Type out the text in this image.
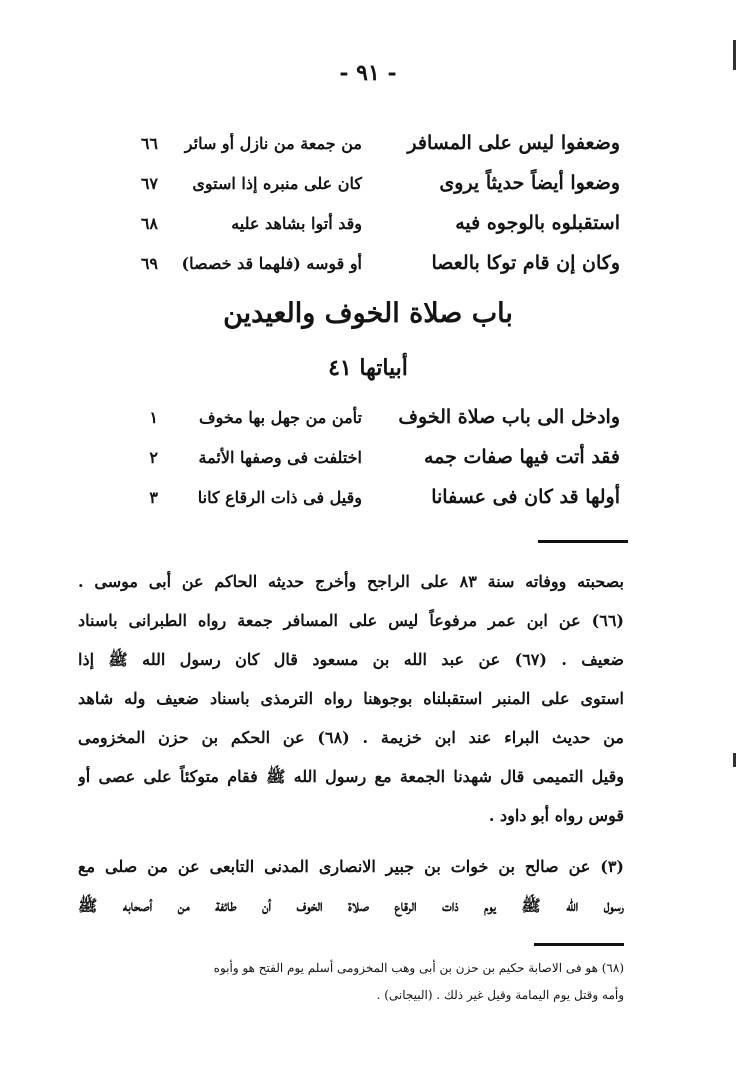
- ٩١ -
وضعفوا ليس على المسافر
من جمعة من نازل أو سائر
٦٦
وضعوا أيضاً حديثاً يروى
كان على منبره إذا استوى
٦٧
استقبلوه بالوجوه فيه
وقد أتوا بشاهد عليه
٦٨
وكان إن قام توكا بالعصا
أو قوسه (فلهما قد خصصا)
٦٩
باب صلاة الخوف والعيدين
أبياتها ٤١
وادخل الى باب صلاة الخوف
تأمن من جهل بها مخوف
١
فقد أتت فيها صفات جمه
اختلفت فى وصفها الأئمة
٢
أولها قد كان فى عسفانا
وقيل فى ذات الرقاع كانا
٣
بصحبته ووفاته سنة ٨٣ على الراجح وأخرج حديثه الحاكم عن أبى موسى .
(٦٦) عن ابن عمر مرفوعاً ليس على المسافر جمعة رواه الطبرانى باسناد
ضعيف . (٦٧) عن عبد الله بن مسعود قال كان رسول الله ﷺ إذا
استوى على المنبر استقبلناه بوجوهنا رواه الترمذى باسناد ضعيف وله شاهد
من حديث البراء عند ابن خزيمة . (٦٨) عن الحكم بن حزن المخزومى
وقيل التميمى قال شهدنا الجمعة مع رسول الله ﷺ فقام متوكئاً على عصى أو
قوس رواه أبو داود .
(٣) عن صالح بن خوات بن جبير الانصارى المدنى التابعى عن من صلى مع
رسول الله ﷺ يوم ذات الرقاع صلاة الخوف أن طائفة من أصحابه ﷺ
(٦٨) هو فى الاصابة حكيم بن حزن بن أبى وهب المخزومى أسلم يوم الفتح هو وأبوه
وأمه وقتل يوم اليمامة وقيل غير ذلك . (البيجانى) .
